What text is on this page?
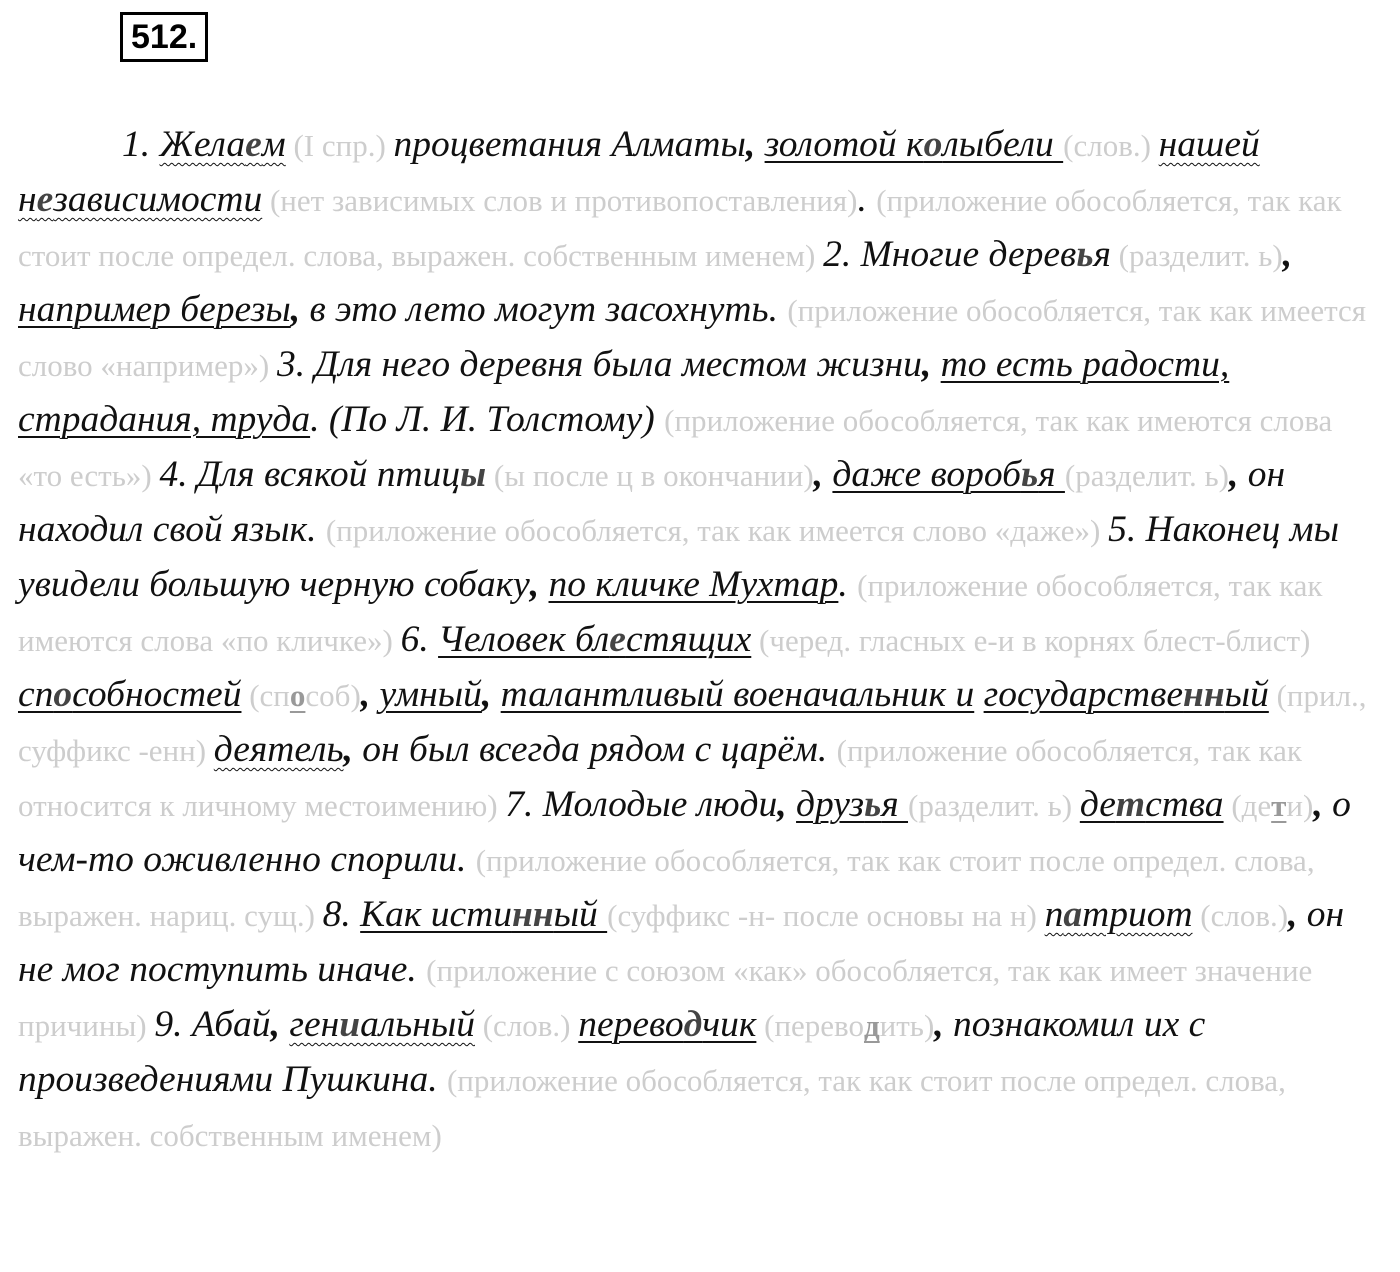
512.

1. Желаем (I спр.) процветания Алматы, золотой колыбели (слов.) нашей независимости (нет зависимых слов и противопоставления). (приложение обособляется, так как стоит после определ. слова, выражен. собственным именем) 2. Многие деревья (разделит. ь), например березы, в это лето могут засохнуть. (приложение обособляется, так как имеется слово «например») 3. Для него деревня была местом жизни, то есть радости, страдания, труда. (По Л. И. Толстому) (приложение обособляется, так как имеются слова «то есть») 4. Для всякой птицы (ы после ц в окончании), даже воробья (разделит. ь), он находил свой язык. (приложение обособляется, так как имеется слово «даже») 5. Наконец мы увидели большую черную собаку, по кличке Мухтар. (приложение обособляется, так как имеются слова «по кличке») 6. Человек блестящих (черед. гласных е-и в корнях блест-блист) способностей (способ), умный, талантливый военачальник и государственный (прил., суффикс -енн) деятель, он был всегда рядом с царём. (приложение обособляется, так как относится к личному местоимению) 7. Молодые люди, друзья (разделит. ь) детства (дети), о чем-то оживленно спорили. (приложение обособляется, так как стоит после определ. слова, выражен. нариц. сущ.) 8. Как истинный (суффикс -н- после основы на н) патриот (слов.), он не мог поступить иначе. (приложение с союзом «как» обособляется, так как имеет значение причины) 9. Абай, гениальный (слов.) переводчик (переводить), познакомил их с произведениями Пушкина. (приложение обособляется, так как стоит после определ. слова, выражен. собственным именем)
